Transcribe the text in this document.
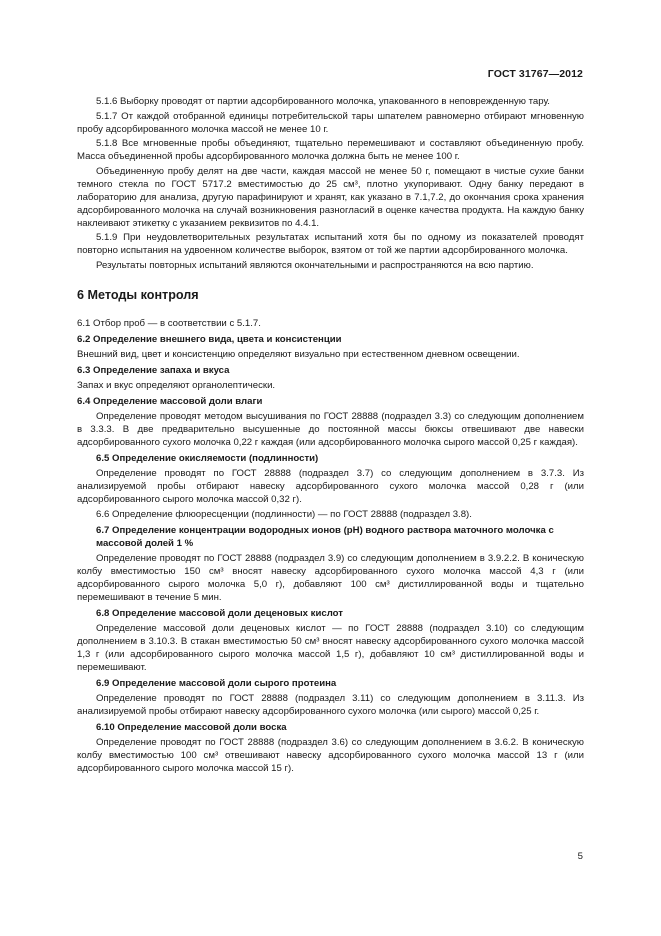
ГОСТ 31767—2012

5.1.6 Выборку проводят от партии адсорбированного молочка, упакованного в неповрежденную тару.

5.1.7 От каждой отобранной единицы потребительской тары шпателем равномерно отбирают мгновенную пробу адсорбированного молочка массой не менее 10 г.

5.1.8 Все мгновенные пробы объединяют, тщательно перемешивают и составляют объединенную пробу. Масса объединенной пробы адсорбированного молочка должна быть не менее 100 г.

Объединенную пробу делят на две части, каждая массой не менее 50 г, помещают в чистые сухие банки темного стекла по ГОСТ 5717.2 вместимостью до 25 см³, плотно укупоривают. Одну банку передают в лабораторию для анализа, другую парафинируют и хранят, как указано в 7.1,7.2, до окончания срока хранения адсорбированного молочка на случай возникновения разногласий в оценке качества продукта. На каждую банку наклеивают этикетку с указанием реквизитов по 4.4.1.

5.1.9 При неудовлетворительных результатах испытаний хотя бы по одному из показателей проводят повторно испытания на удвоенном количестве выборок, взятом от той же партии адсорбированного молочка.

Результаты повторных испытаний являются окончательными и распространяются на всю партию.

6 Методы контроля

6.1 Отбор проб — в соответствии с 5.1.7.

6.2 Определение внешнего вида, цвета и консистенции

Внешний вид, цвет и консистенцию определяют визуально при естественном дневном освещении.

6.3 Определение запаха и вкуса

Запах и вкус определяют органолептически.

6.4 Определение массовой доли влаги

Определение проводят методом высушивания по ГОСТ 28888 (подраздел 3.3) со следующим дополнением в 3.3.3. В две предварительно высушенные до постоянной массы бюксы отвешивают две навески адсорбированного сухого молочка 0,22 г каждая (или адсорбированного молочка сырого массой 0,25 г каждая).

6.5 Определение окисляемости (подлинности)

Определение проводят по ГОСТ 28888 (подраздел 3.7) со следующим дополнением в 3.7.3. Из анализируемой пробы отбирают навеску адсорбированного сухого молочка массой 0,28 г (или адсорбированного сырого молочка массой 0,32 г).

6.6 Определение флюоресценции (подлинности) — по ГОСТ 28888 (подраздел 3.8).

6.7 Определение концентрации водородных ионов (рН) водного раствора маточного молочка с массовой долей 1 %

Определение проводят по ГОСТ 28888 (подраздел 3.9) со следующим дополнением в 3.9.2.2. В коническую колбу вместимостью 150 см³ вносят навеску адсорбированного сухого молочка массой 4,3 г (или адсорбированного сырого молочка 5,0 г), добавляют 100 см³ дистиллированной воды и тщательно перемешивают в течение 5 мин.

6.8 Определение массовой доли деценовых кислот

Определение массовой доли деценовых кислот — по ГОСТ 28888 (подраздел 3.10) со следующим дополнением в 3.10.3. В стакан вместимостью 50 см³ вносят навеску адсорбированного сухого молочка массой 1,3 г (или адсорбированного сырого молочка массой 1,5 г), добавляют 10 см³ дистиллированной воды и перемешивают.

6.9 Определение массовой доли сырого протеина

Определение проводят по ГОСТ 28888 (подраздел 3.11) со следующим дополнением в 3.11.3. Из анализируемой пробы отбирают навеску адсорбированного сухого молочка (или сырого) массой 0,25 г.

6.10 Определение массовой доли воска

Определение проводят по ГОСТ 28888 (подраздел 3.6) со следующим дополнением в 3.6.2. В коническую колбу вместимостью 100 см³ отвешивают навеску адсорбированного сухого молочка массой 13 г (или адсорбированного сырого молочка массой 15 г).

5
